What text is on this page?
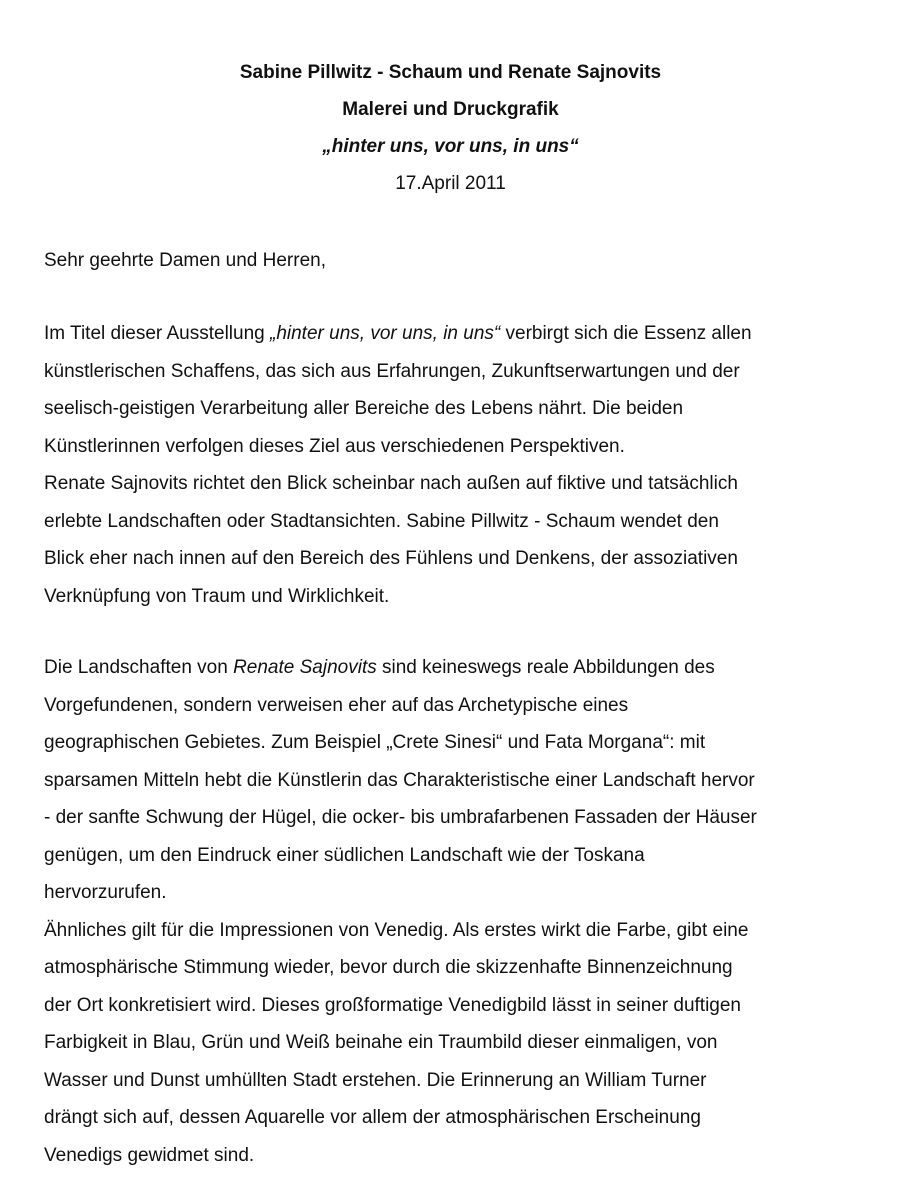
Sabine Pillwitz - Schaum und Renate Sajnovits
Malerei und Druckgrafik
„hinter uns, vor uns, in uns“
17.April 2011
Sehr geehrte Damen und Herren,
Im Titel dieser Ausstellung „hinter uns, vor uns, in uns“ verbirgt sich die Essenz allen
künstlerischen Schaffens, das sich aus Erfahrungen, Zukunftserwartungen und der
seelisch-geistigen Verarbeitung aller Bereiche des Lebens nährt. Die beiden
Künstlerinnen verfolgen dieses Ziel aus verschiedenen Perspektiven.
Renate Sajnovits richtet den Blick scheinbar nach außen auf fiktive und tatsächlich
erlebte Landschaften oder Stadtansichten. Sabine Pillwitz - Schaum wendet den
Blick eher nach innen auf den Bereich des Fühlens und Denkens, der assoziativen
Verknüpfung von Traum und Wirklichkeit.
Die Landschaften von Renate Sajnovits sind keineswegs reale Abbildungen des
Vorgefundenen, sondern verweisen eher auf das Archetypische eines
geographischen Gebietes. Zum Beispiel „Crete Sinesi“ und Fata Morgana“: mit
sparsamen Mitteln hebt die Künstlerin das Charakteristische einer Landschaft hervor
- der sanfte Schwung der Hügel, die ocker- bis umbrafarbenen Fassaden der Häuser
genügen, um den Eindruck einer südlichen Landschaft wie der Toskana
hervorzurufen.
Ähnliches gilt für die Impressionen von Venedig. Als erstes wirkt die Farbe, gibt eine
atmosphärische Stimmung wieder, bevor durch die skizzenhafte Binnenzeichnung
der Ort konkretisiert wird. Dieses großformatige Venedigbild lässt in seiner duftigen
Farbigkeit in Blau, Grün und Weiß beinahe ein Traumbild dieser einmaligen, von
Wasser und Dunst umhüllten Stadt erstehen. Die Erinnerung an William Turner
drängt sich auf, dessen Aquarelle vor allem der atmosphärischen Erscheinung
Venedigs gewidmet sind.
